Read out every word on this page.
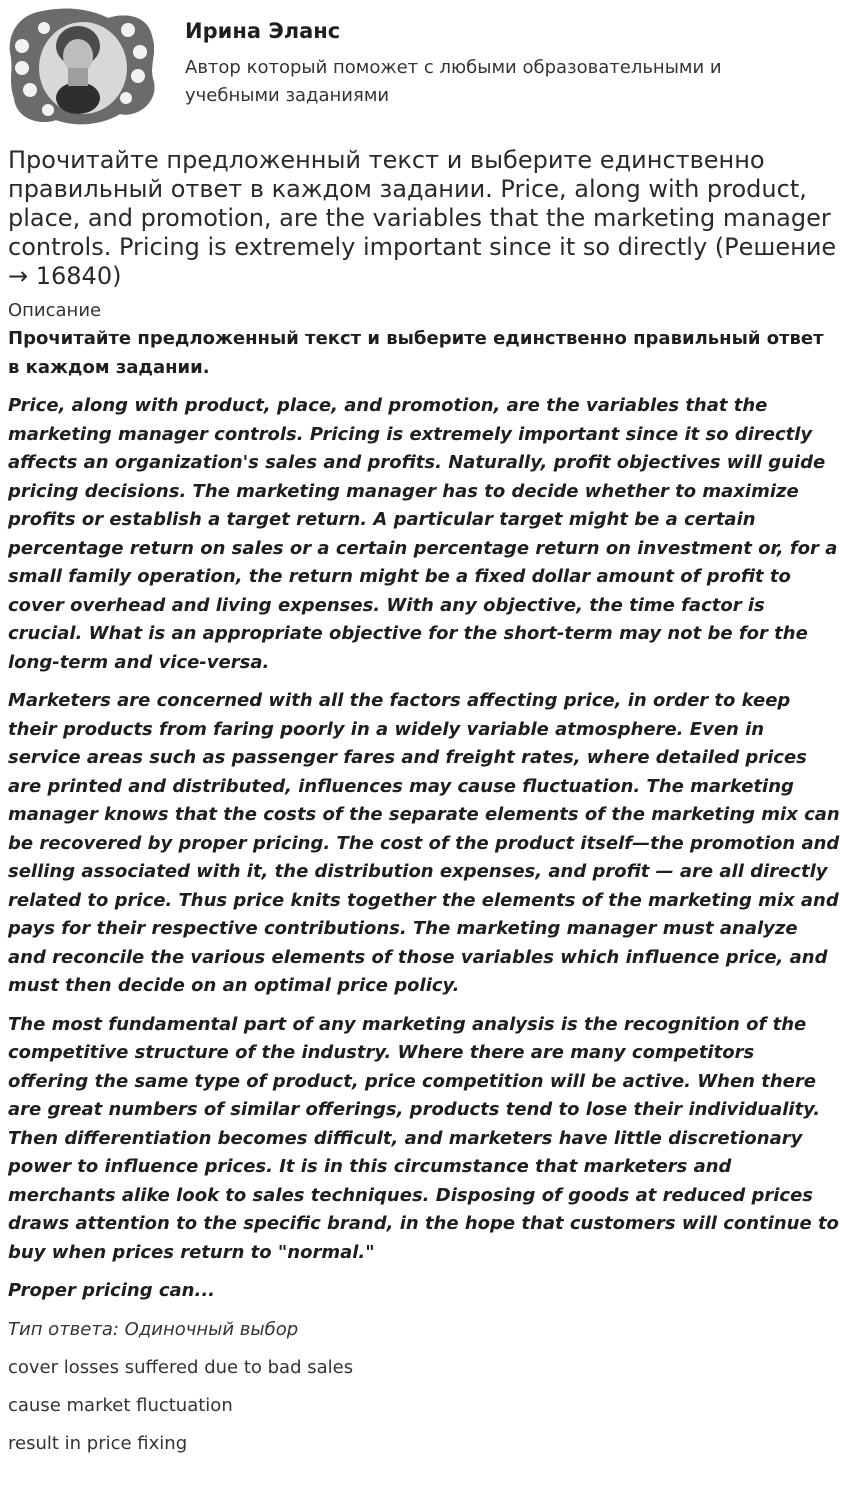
Ирина Эланс

Автор который поможет с любыми образовательными и учебными заданиями

Прочитайте предложенный текст и выберите единственно правильный ответ в каждом задании. Price, along with product, place, and promotion, are the variables that the marketing manager controls. Pricing is extremely important since it so directly (Решение → 16840)

Описание

Прочитайте предложенный текст и выберите единственно правильный ответ в каждом задании.

Price, along with product, place, and promotion, are the variables that the marketing manager controls. Pricing is extremely important since it so directly affects an organization's sales and profits. Naturally, profit objectives will guide pricing decisions. The marketing manager has to decide whether to maximize profits or establish a target return. A particular target might be a certain percentage return on sales or a certain percentage return on investment or, for a small family operation, the return might be a fixed dollar amount of profit to cover overhead and living expenses. With any objective, the time factor is crucial. What is an appropriate objective for the short-term may not be for the long-term and vice-versa.

Marketers are concerned with all the factors affecting price, in order to keep their products from faring poorly in a widely variable atmosphere. Even in service areas such as passenger fares and freight rates, where detailed prices are printed and distributed, influences may cause fluctuation. The marketing manager knows that the costs of the separate elements of the marketing mix can be recovered by proper pricing. The cost of the product itself—the promotion and selling associated with it, the distribution expenses, and profit — are all directly related to price. Thus price knits together the elements of the marketing mix and pays for their respective contributions. The marketing manager must analyze and reconcile the various elements of those variables which influence price, and must then decide on an optimal price policy.

The most fundamental part of any marketing analysis is the recognition of the competitive structure of the industry. Where there are many competitors offering the same type of product, price competition will be active. When there are great numbers of similar offerings, products tend to lose their individuality. Then differentiation becomes difficult, and marketers have little discretionary power to influence prices. It is in this circumstance that marketers and merchants alike look to sales techniques. Disposing of goods at reduced prices draws attention to the specific brand, in the hope that customers will continue to buy when prices return to "normal."

Proper pricing can...

Тип ответа: Одиночный выбор

cover losses suffered due to bad sales

cause market fluctuation

result in price fixing
